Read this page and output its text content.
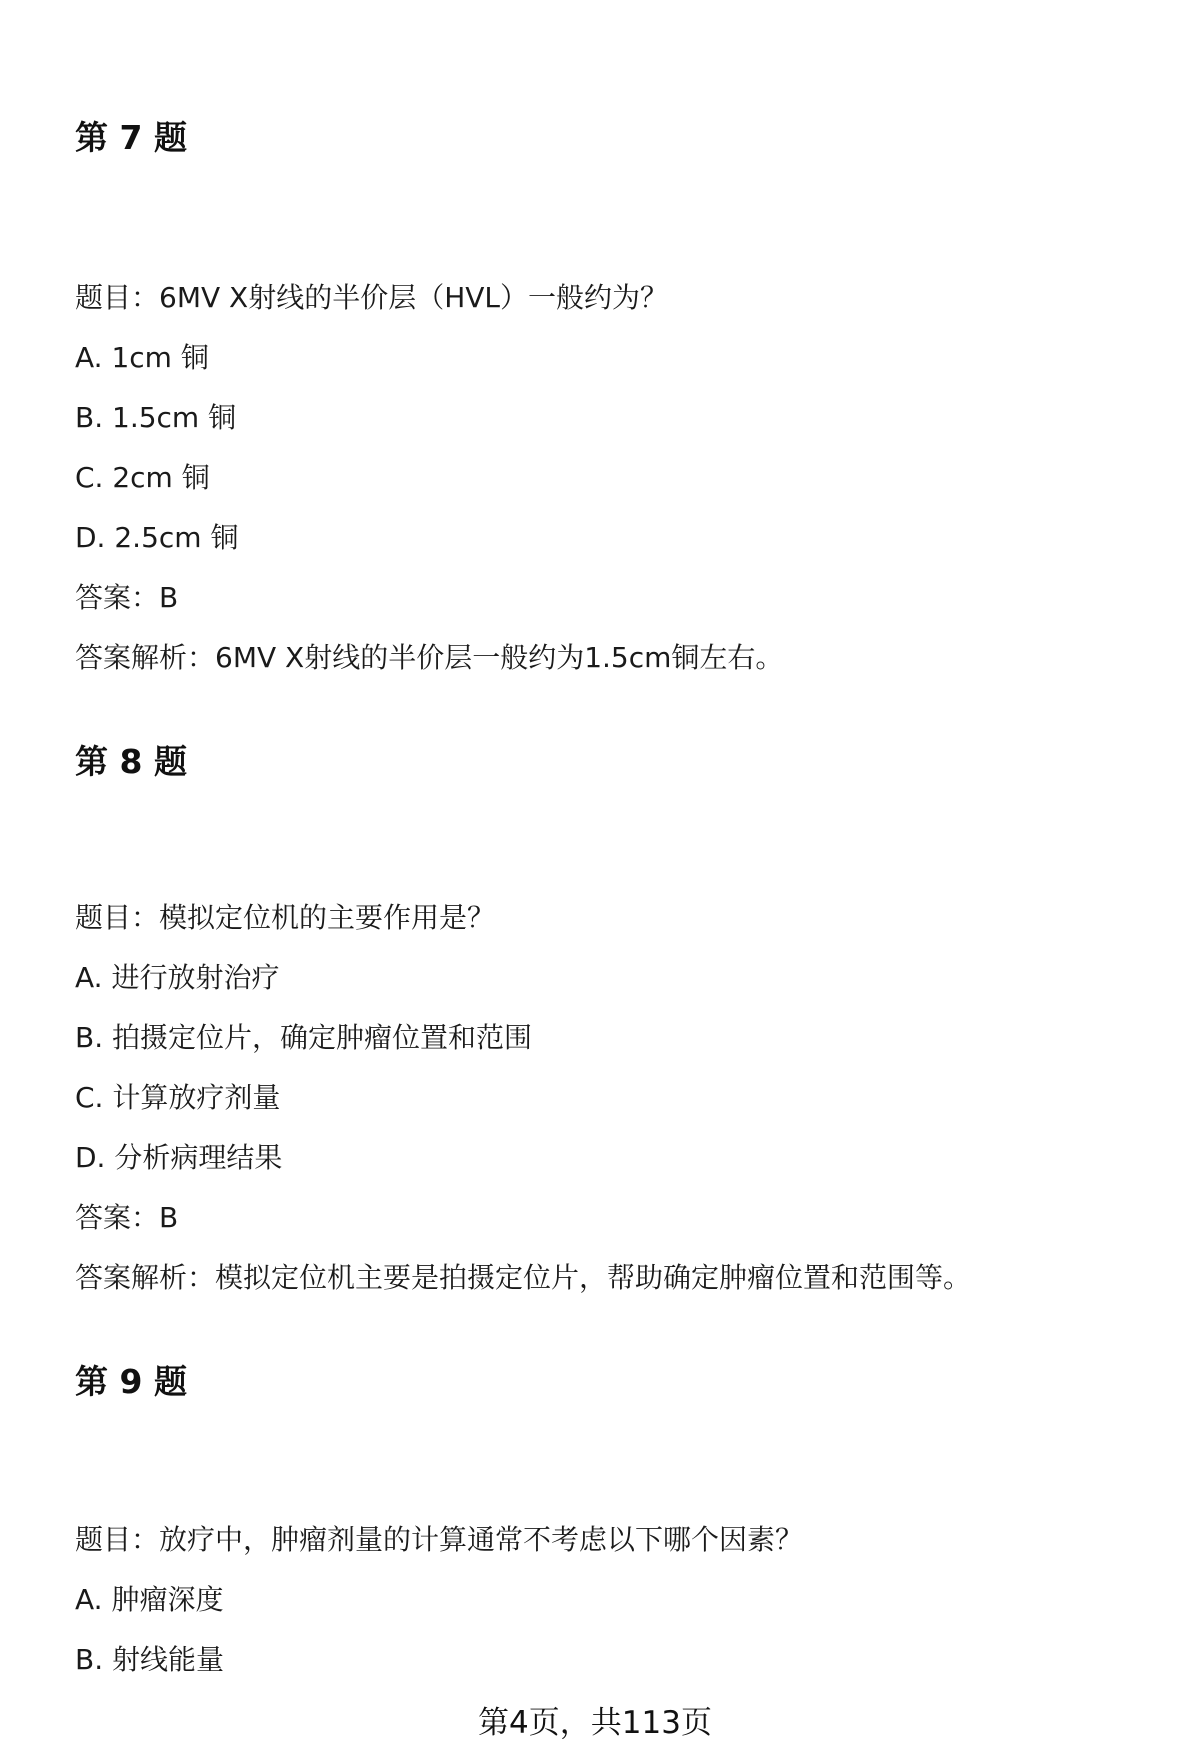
第 7 题
题目：6MV X射线的半价层（HVL）一般约为？
A. 1cm 铜
B. 1.5cm 铜
C. 2cm 铜
D. 2.5cm 铜
答案：B
答案解析：6MV X射线的半价层一般约为1.5cm铜左右。
第 8 题
题目：模拟定位机的主要作用是？
A. 进行放射治疗
B. 拍摄定位片，确定肿瘤位置和范围
C. 计算放疗剂量
D. 分析病理结果
答案：B
答案解析：模拟定位机主要是拍摄定位片，帮助确定肿瘤位置和范围等。
第 9 题
题目：放疗中，肿瘤剂量的计算通常不考虑以下哪个因素？
A. 肿瘤深度
B. 射线能量
第4页，共113页
